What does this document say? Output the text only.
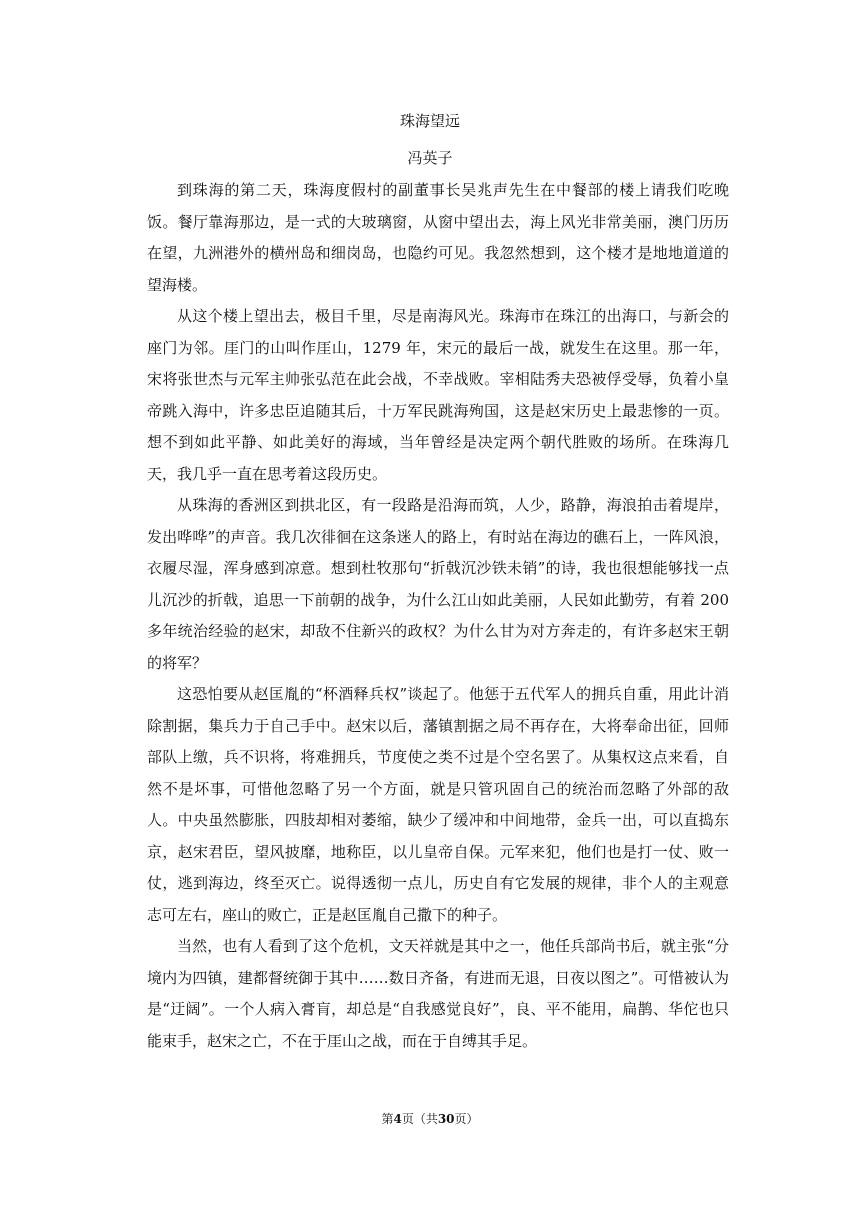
珠海望远
冯英子

到珠海的第二天，珠海度假村的副董事长吴兆声先生在中餐部的楼上请我们吃晚饭。餐厅靠海那边，是一式的大玻璃窗，从窗中望出去，海上风光非常美丽，澳门历历在望，九洲港外的横州岛和细岗岛，也隐约可见。我忽然想到，这个楼才是地地道道的望海楼。

从这个楼上望出去，极目千里，尽是南海风光。珠海市在珠江的出海口，与新会的座门为邻。厓门的山叫作厓山，1279 年，宋元的最后一战，就发生在这里。那一年，宋将张世杰与元军主帅张弘范在此会战，不幸战败。宰相陆秀夫恐被俘受辱，负着小皇帝跳入海中，许多忠臣追随其后，十万军民跳海殉国，这是赵宋历史上最悲惨的一页。想不到如此平静、如此美好的海域，当年曾经是决定两个朝代胜败的场所。在珠海几天，我几乎一直在思考着这段历史。

从珠海的香洲区到拱北区，有一段路是沿海而筑，人少，路静，海浪拍击着堤岸，发出哗哗”的声音。我几次徘徊在这条迷人的路上，有时站在海边的礁石上，一阵风浪，衣履尽湿，浑身感到凉意。想到杜牧那句“折戟沉沙铁未销”的诗，我也很想能够找一点儿沉沙的折戟，追思一下前朝的战争，为什么江山如此美丽，人民如此勤劳，有着 200 多年统治经验的赵宋，却敌不住新兴的政权？为什么甘为对方奔走的，有许多赵宋王朝的将军？

这恐怕要从赵匡胤的“杯酒释兵权”谈起了。他惩于五代军人的拥兵自重，用此计消除割据，集兵力于自己手中。赵宋以后，藩镇割据之局不再存在，大将奉命出征，回师部队上缴，兵不识将，将难拥兵，节度使之类不过是个空名罢了。从集权这点来看，自然不是坏事，可惜他忽略了另一个方面，就是只管巩固自己的统治而忽略了外部的敌人。中央虽然膨胀，四肢却相对萎缩，缺少了缓冲和中间地带，金兵一出，可以直捣东京，赵宋君臣，望风披靡，地称臣，以儿皇帝自保。元军来犯，他们也是打一仗、败一仗，逃到海边，终至灭亡。说得透彻一点儿，历史自有它发展的规律，非个人的主观意志可左右，座山的败亡，正是赵匡胤自己撒下的种子。

当然，也有人看到了这个危机，文天祥就是其中之一，他任兵部尚书后，就主张“分境内为四镇，建都督统御于其中……数日齐备，有进而无退，日夜以图之”。可惜被认为是“迂阔”。一个人病入膏肓，却总是“自我感觉良好”，良、平不能用，扁鹊、华佗也只能束手，赵宋之亡，不在于厓山之战，而在于自缚其手足。

第4页（共30页）
